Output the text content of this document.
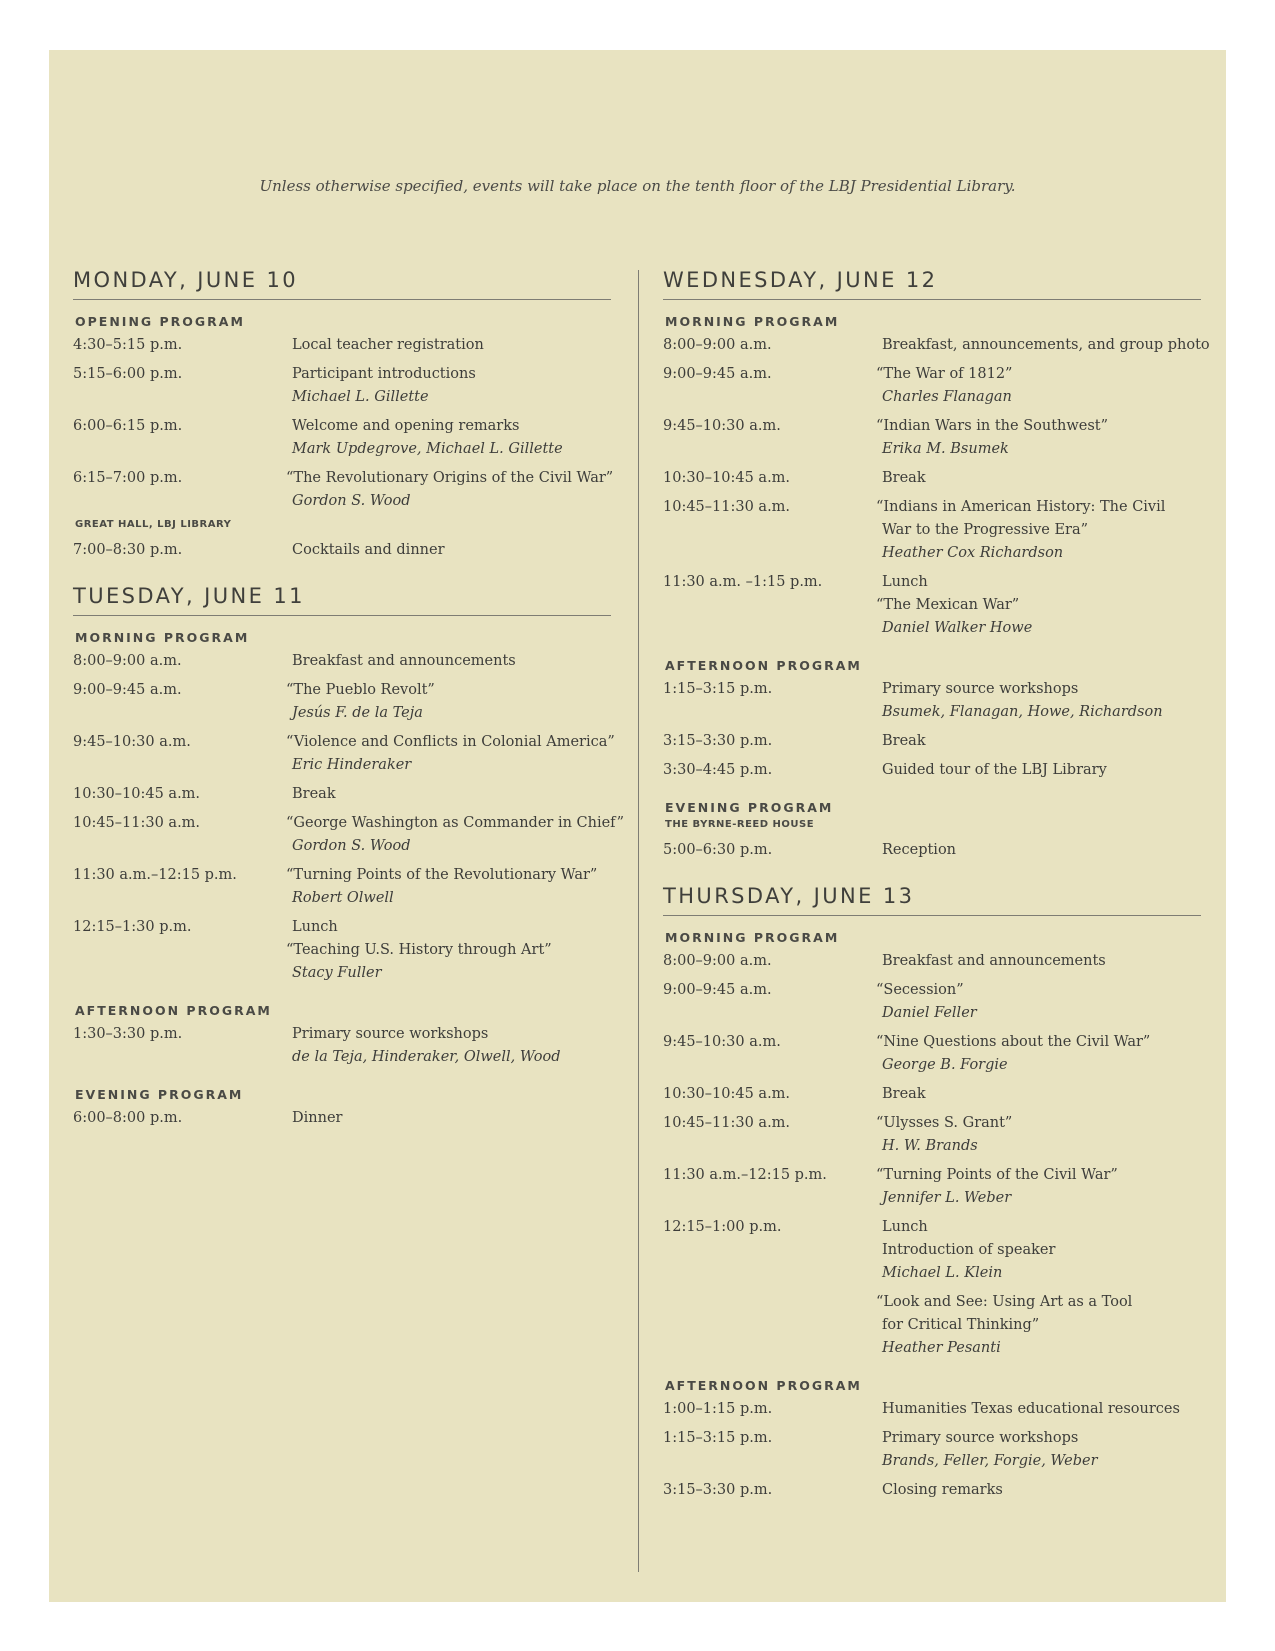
Unless otherwise specified, events will take place on the tenth floor of the LBJ Presidential Library.
MONDAY, JUNE 10
OPENING PROGRAM
4:30–5:15 p.m.	Local teacher registration
5:15–6:00 p.m.	Participant introductions
Michael L. Gillette
6:00–6:15 p.m.	Welcome and opening remarks
Mark Updegrove, Michael L. Gillette
6:15–7:00 p.m.	“The Revolutionary Origins of the Civil War”
Gordon S. Wood
GREAT HALL, LBJ LIBRARY
7:00–8:30 p.m.	Cocktails and dinner
TUESDAY, JUNE 11
MORNING PROGRAM
8:00–9:00 a.m.	Breakfast and announcements
9:00–9:45 a.m.	“The Pueblo Revolt”
Jesús F. de la Teja
9:45–10:30 a.m.	“Violence and Conflicts in Colonial America”
Eric Hinderaker
10:30–10:45 a.m.	Break
10:45–11:30 a.m.	“George Washington as Commander in Chief”
Gordon S. Wood
11:30 a.m.–12:15 p.m.	“Turning Points of the Revolutionary War”
Robert Olwell
12:15–1:30 p.m.	Lunch
“Teaching U.S. History through Art”
Stacy Fuller
AFTERNOON PROGRAM
1:30–3:30 p.m.	Primary source workshops
de la Teja, Hinderaker, Olwell, Wood
EVENING PROGRAM
6:00–8:00 p.m.	Dinner
WEDNESDAY, JUNE 12
MORNING PROGRAM
8:00–9:00 a.m.	Breakfast, announcements, and group photo
9:00–9:45 a.m.	“The War of 1812”
Charles Flanagan
9:45–10:30 a.m.	“Indian Wars in the Southwest”
Erika M. Bsumek
10:30–10:45 a.m.	Break
10:45–11:30 a.m.	“Indians in American History: The Civil
War to the Progressive Era”
Heather Cox Richardson
11:30 a.m. –1:15 p.m.	Lunch
“The Mexican War”
Daniel Walker Howe
AFTERNOON PROGRAM
1:15–3:15 p.m.	Primary source workshops
Bsumek, Flanagan, Howe, Richardson
3:15–3:30 p.m.	Break
3:30–4:45 p.m.	Guided tour of the LBJ Library
EVENING PROGRAM
THE BYRNE-REED HOUSE
5:00–6:30 p.m.	Reception
THURSDAY, JUNE 13
MORNING PROGRAM
8:00–9:00 a.m.	Breakfast and announcements
9:00–9:45 a.m.	“Secession”
Daniel Feller
9:45–10:30 a.m.	“Nine Questions about the Civil War”
George B. Forgie
10:30–10:45 a.m.	Break
10:45–11:30 a.m.	“Ulysses S. Grant”
H. W. Brands
11:30 a.m.–12:15 p.m.	“Turning Points of the Civil War”
Jennifer L. Weber
12:15–1:00 p.m.	Lunch
Introduction of speaker
Michael L. Klein
“Look and See: Using Art as a Tool
for Critical Thinking”
Heather Pesanti
AFTERNOON PROGRAM
1:00–1:15 p.m.	Humanities Texas educational resources
1:15–3:15 p.m.	Primary source workshops
Brands, Feller, Forgie, Weber
3:15–3:30 p.m.	Closing remarks
